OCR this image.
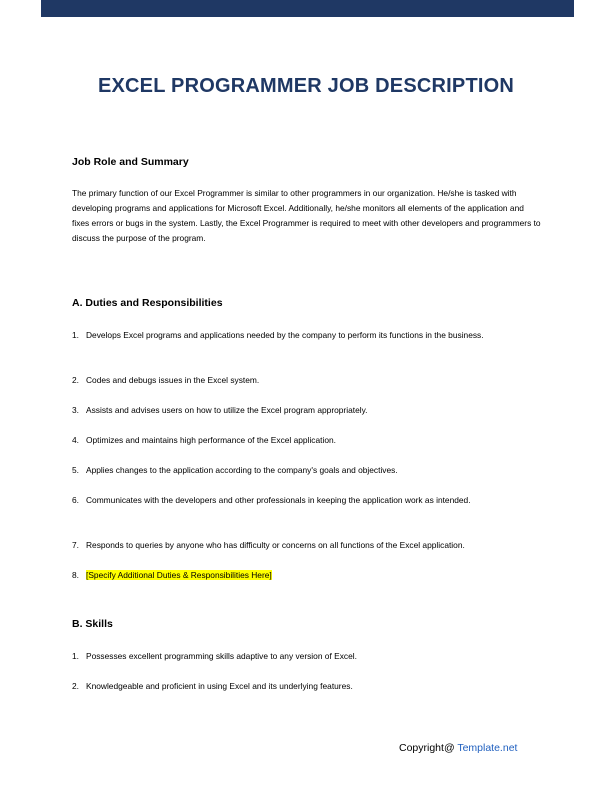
EXCEL PROGRAMMER JOB DESCRIPTION
Job Role and Summary

The primary function of our Excel Programmer is similar to other programmers in our organization. He/she is tasked with developing programs and applications for Microsoft Excel. Additionally, he/she monitors all elements of the application and fixes errors or bugs in the system. Lastly, the Excel Programmer is required to meet with other developers and programmers to discuss the purpose of the program.

A. Duties and Responsibilities
1. Develops Excel programs and applications needed by the company to perform its functions in the business.
2. Codes and debugs issues in the Excel system.
3. Assists and advises users on how to utilize the Excel program appropriately.
4. Optimizes and maintains high performance of the Excel application.
5. Applies changes to the application according to the company's goals and objectives.
6. Communicates with the developers and other professionals in keeping the application work as intended.
7. Responds to queries by anyone who has difficulty or concerns on all functions of the Excel application.
8. [Specify Additional Duties & Responsibilities Here]
B. Skills
1. Possesses excellent programming skills adaptive to any version of Excel.
2. Knowledgeable and proficient in using Excel and its underlying features.
Copyright@ Template.net
